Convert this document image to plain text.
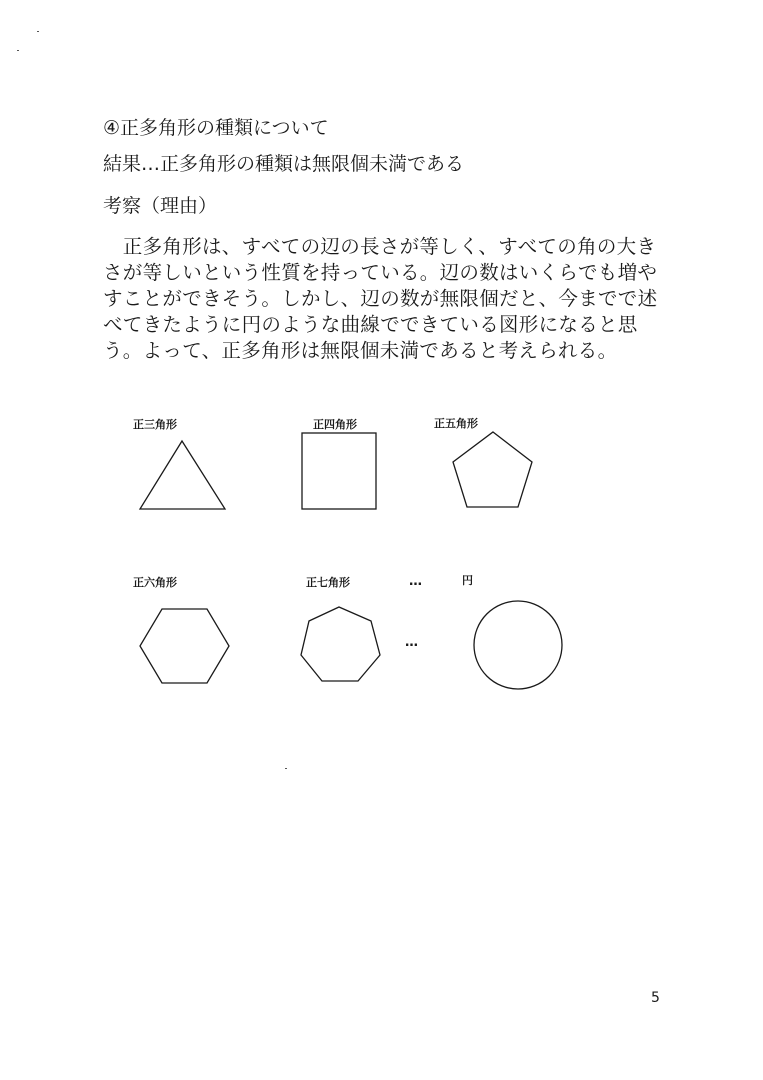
④正多角形の種類について
結果…正多角形の種類は無限個未満である
考察（理由）
　正多角形は、すべての辺の長さが等しく、すべての角の大き
さが等しいという性質を持っている。辺の数はいくらでも増や
すことができそう。しかし、辺の数が無限個だと、今までで述
べてきたように円のような曲線でできている図形になると思
う。よって、正多角形は無限個未満であると考えられる。
正三角形	正四角形	正五角形
正六角形	正七角形	…	円
…
5
